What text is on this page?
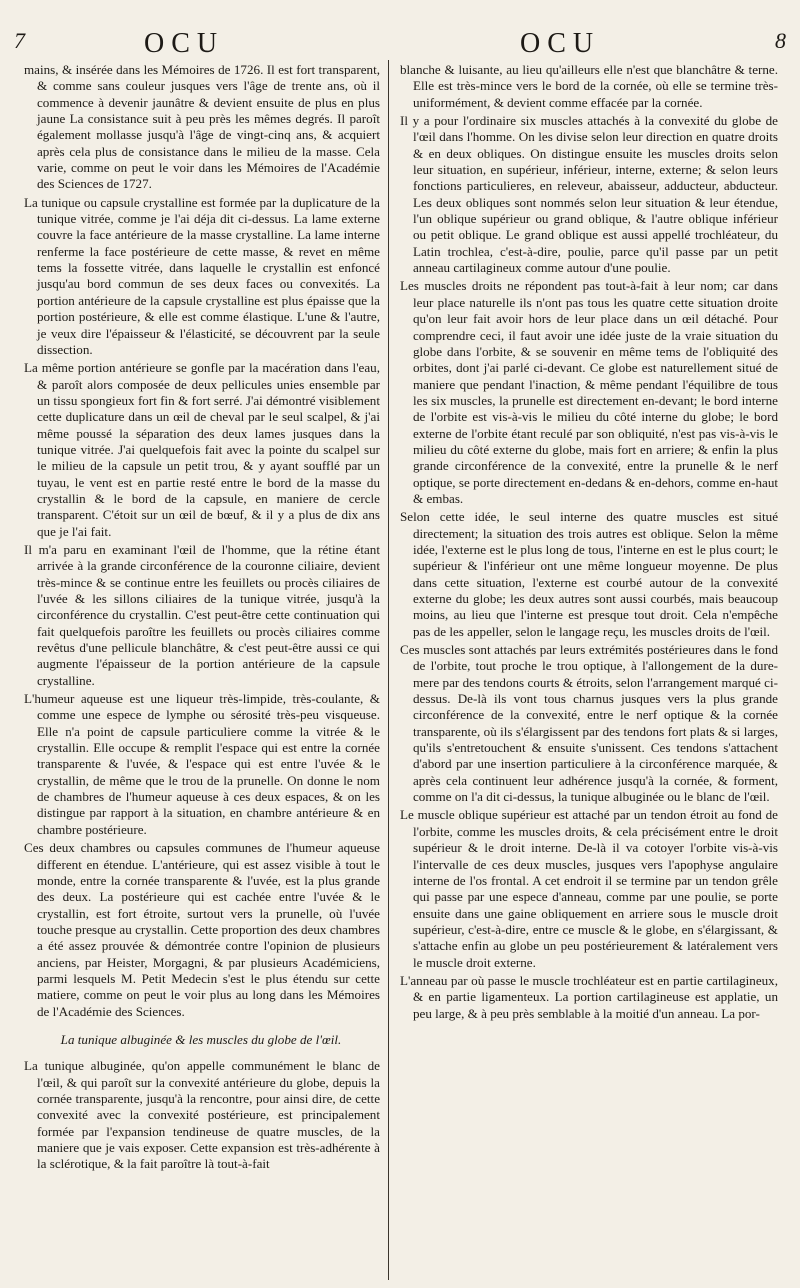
7	OCU	OCU	8

mains, & insérée dans les Mémoires de 1726. Il est fort transparent, & comme sans couleur jusques vers l'âge de trente ans, où il commence à devenir jaunâtre & devient ensuite de plus en plus jaune La consistance suit à peu près les mêmes degrés. Il paroît également mollasse jusqu'à l'âge de vingt-cinq ans, & acquiert après cela plus de consistance dans le milieu de la masse. Cela varie, comme on peut le voir dans les Mémoires de l'Académie des Sciences de 1727.

La tunique ou capsule crystalline est formée par la duplicature de la tunique vitrée, comme je l'ai déja dit ci-dessus. La lame externe couvre la face antérieure de la masse crystalline. La lame interne renferme la face postérieure de cette masse, & revet en même tems la fossette vitrée, dans laquelle le crystallin est enfoncé jusqu'au bord commun de ses deux faces ou convexités. La portion antérieure de la capsule crystalline est plus épaisse que la portion postérieure, & elle est comme élastique. L'une & l'autre, je veux dire l'épaisseur & l'élasticité, se découvrent par la seule dissection.

La même portion antérieure se gonfle par la macération dans l'eau, & paroît alors composée de deux pellicules unies ensemble par un tissu spongieux fort fin & fort serré. J'ai démontré visiblement cette duplicature dans un œil de cheval par le seul scalpel, & j'ai même poussé la séparation des deux lames jusques dans la tunique vitrée. J'ai quelquefois fait avec la pointe du scalpel sur le milieu de la capsule un petit trou, & y ayant soufflé par un tuyau, le vent est en partie resté entre le bord de la masse du crystallin & le bord de la capsule, en maniere de cercle transparent. C'étoit sur un œil de bœuf, & il y a plus de dix ans que je l'ai fait.

Il m'a paru en examinant l'œil de l'homme, que la rétine étant arrivée à la grande circonférence de la couronne ciliaire, devient très-mince & se continue entre les feuillets ou procès ciliaires de l'uvée & les sillons ciliaires de la tunique vitrée, jusqu'à la circonférence du crystallin. C'est peut-être cette continuation qui fait quelquefois paroître les feuillets ou procès ciliaires comme revêtus d'une pellicule blanchâtre, & c'est peut-être aussi ce qui augmente l'épaisseur de la portion antérieure de la capsule crystalline.

L'humeur aqueuse est une liqueur très-limpide, très-coulante, & comme une espece de lymphe ou sérosité très-peu visqueuse. Elle n'a point de capsule particuliere comme la vitrée & le crystallin. Elle occupe & remplit l'espace qui est entre la cornée transparente & l'uvée, & l'espace qui est entre l'uvée & le crystallin, de même que le trou de la prunelle. On donne le nom de chambres de l'humeur aqueuse à ces deux espaces, & on les distingue par rapport à la situation, en chambre antérieure & en chambre postérieure.

Ces deux chambres ou capsules communes de l'humeur aqueuse different en étendue. L'antérieure, qui est assez visible à tout le monde, entre la cornée transparente & l'uvée, est la plus grande des deux. La postérieure qui est cachée entre l'uvée & le crystallin, est fort étroite, surtout vers la prunelle, où l'uvée touche presque au crystallin. Cette proportion des deux chambres a été assez prouvée & démontrée contre l'opinion de plusieurs anciens, par Heister, Morgagni, & par plusieurs Académiciens, parmi lesquels M. Petit Medecin s'est le plus étendu sur cette matiere, comme on peut le voir plus au long dans les Mémoires de l'Académie des Sciences.

La tunique albuginée & les muscles du globe de l'œil.

La tunique albuginée, qu'on appelle communément le blanc de l'œil, & qui paroît sur la convexité antérieure du globe, depuis la cornée transparente, jusqu'à la rencontre, pour ainsi dire, de cette convexité avec la convexité postérieure, est principalement formée par l'expansion tendineuse de quatre muscles, de la maniere que je vais exposer. Cette expansion est très-adhérente à la sclérotique, & la fait paroître là tout-à-fait

blanche & luisante, au lieu qu'ailleurs elle n'est que blanchâtre & terne. Elle est très-mince vers le bord de la cornée, où elle se termine très-uniformément, & devient comme effacée par la cornée.

Il y a pour l'ordinaire six muscles attachés à la convexité du globe de l'œil dans l'homme. On les divise selon leur direction en quatre droits & en deux obliques. On distingue ensuite les muscles droits selon leur situation, en supérieur, inférieur, interne, externe; & selon leurs fonctions particulieres, en releveur, abaisseur, adducteur, abducteur. Les deux obliques sont nommés selon leur situation & leur étendue, l'un oblique supérieur ou grand oblique, & l'autre oblique inférieur ou petit oblique. Le grand oblique est aussi appellé trochléateur, du Latin trochlea, c'est-à-dire, poulie, parce qu'il passe par un petit anneau cartilagineux comme autour d'une poulie.

Les muscles droits ne répondent pas tout-à-fait à leur nom; car dans leur place naturelle ils n'ont pas tous les quatre cette situation droite qu'on leur fait avoir hors de leur place dans un œil détaché. Pour comprendre ceci, il faut avoir une idée juste de la vraie situation du globe dans l'orbite, & se souvenir en même tems de l'obliquité des orbites, dont j'ai parlé ci-devant. Ce globe est naturellement situé de maniere que pendant l'inaction, & même pendant l'équilibre de tous les six muscles, la prunelle est directement en-devant; le bord interne de l'orbite est vis-à-vis le milieu du côté interne du globe; le bord externe de l'orbite étant reculé par son obliquité, n'est pas vis-à-vis le milieu du côté externe du globe, mais fort en arriere; & enfin la plus grande circonférence de la convexité, entre la prunelle & le nerf optique, se porte directement en-dedans & en-dehors, comme en-haut & embas.

Selon cette idée, le seul interne des quatre muscles est situé directement; la situation des trois autres est oblique. Selon la même idée, l'externe est le plus long de tous, l'interne en est le plus court; le supérieur & l'inférieur ont une même longueur moyenne. De plus dans cette situation, l'externe est courbé autour de la convexité externe du globe; les deux autres sont aussi courbés, mais beaucoup moins, au lieu que l'interne est presque tout droit. Cela n'empêche pas de les appeller, selon le langage reçu, les muscles droits de l'œil.

Ces muscles sont attachés par leurs extrémités postérieures dans le fond de l'orbite, tout proche le trou optique, à l'allongement de la dure-mere par des tendons courts & étroits, selon l'arrangement marqué ci-dessus. De-là ils vont tous charnus jusques vers la plus grande circonférence de la convexité, entre le nerf optique & la cornée transparente, où ils s'élargissent par des tendons fort plats & si larges, qu'ils s'entretouchent & ensuite s'unissent. Ces tendons s'attachent d'abord par une insertion particuliere à la circonférence marquée, & après cela continuent leur adhérence jusqu'à la cornée, & forment, comme on l'a dit ci-dessus, la tunique albuginée ou le blanc de l'œil.

Le muscle oblique supérieur est attaché par un tendon étroit au fond de l'orbite, comme les muscles droits, & cela précisément entre le droit supérieur & le droit interne. De-là il va cotoyer l'orbite vis-à-vis l'intervalle de ces deux muscles, jusques vers l'apophyse angulaire interne de l'os frontal. A cet endroit il se termine par un tendon grêle qui passe par une espece d'anneau, comme par une poulie, se porte ensuite dans une gaine obliquement en arriere sous le muscle droit supérieur, c'est-à-dire, entre ce muscle & le globe, en s'élargissant, & s'attache enfin au globe un peu postérieurement & latéralement vers le muscle droit externe.

L'anneau par où passe le muscle trochléateur est en partie cartilagineux, & en partie ligamenteux. La portion cartilagineuse est applatie, un peu large, & à peu près semblable à la moitié d'un anneau. La por-
